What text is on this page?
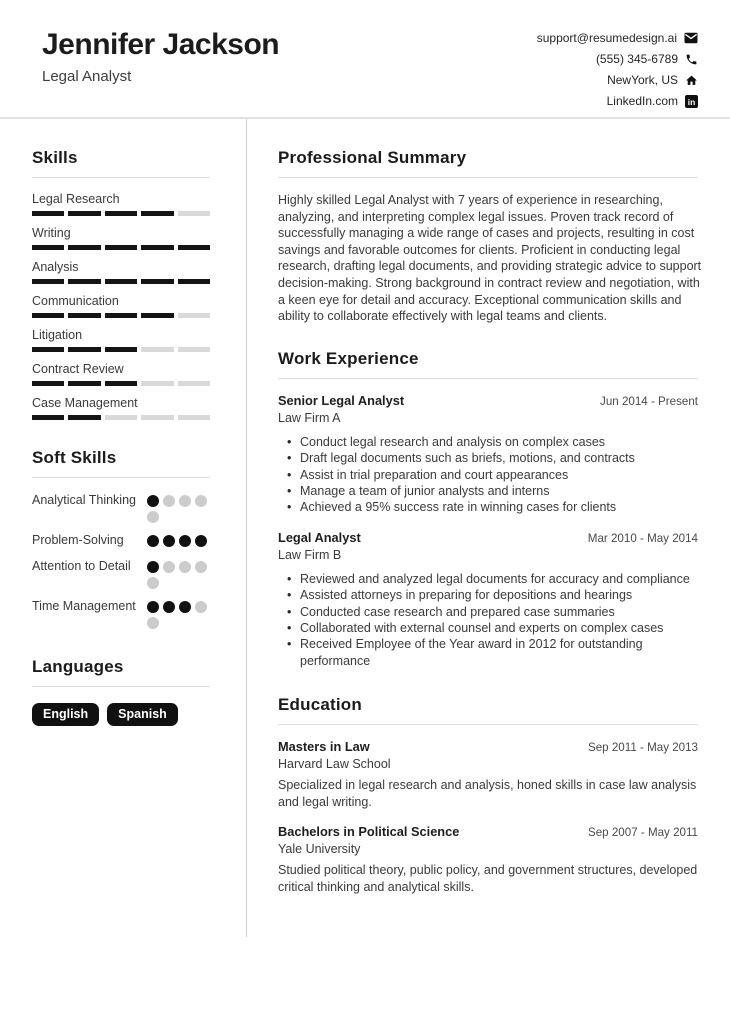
Jennifer Jackson
Legal Analyst
support@resumedesign.ai
(555) 345-6789
NewYork, US
LinkedIn.com in
Skills
Legal Research
Writing
Analysis
Communication
Litigation
Contract Review
Case Management
Soft Skills
Analytical Thinking
Problem-Solving
Attention to Detail
Time Management
Languages
English	Spanish
Professional Summary

Highly skilled Legal Analyst with 7 years of experience in researching, analyzing, and interpreting complex legal issues. Proven track record of successfully managing a wide range of cases and projects, resulting in cost savings and favorable outcomes for clients. Proficient in conducting legal research, drafting legal documents, and providing strategic advice to support decision-making. Strong background in contract review and negotiation, with a keen eye for detail and accuracy. Exceptional communication skills and ability to collaborate effectively with legal teams and clients.

Work Experience
Senior Legal Analyst	Jun 2014 - Present
Law Firm A
• Conduct legal research and analysis on complex cases
• Draft legal documents such as briefs, motions, and contracts
• Assist in trial preparation and court appearances
• Manage a team of junior analysts and interns
• Achieved a 95% success rate in winning cases for clients
Legal Analyst	Mar 2010 - May 2014
Law Firm B
• Reviewed and analyzed legal documents for accuracy and compliance
• Assisted attorneys in preparing for depositions and hearings
• Conducted case research and prepared case summaries
• Collaborated with external counsel and experts on complex cases
• Received Employee of the Year award in 2012 for outstanding performance
Education
Masters in Law	Sep 2011 - May 2013
Harvard Law School

Specialized in legal research and analysis, honed skills in case law analysis and legal writing.

Bachelors in Political Science	Sep 2007 - May 2011
Yale University

Studied political theory, public policy, and government structures, developed critical thinking and analytical skills.
